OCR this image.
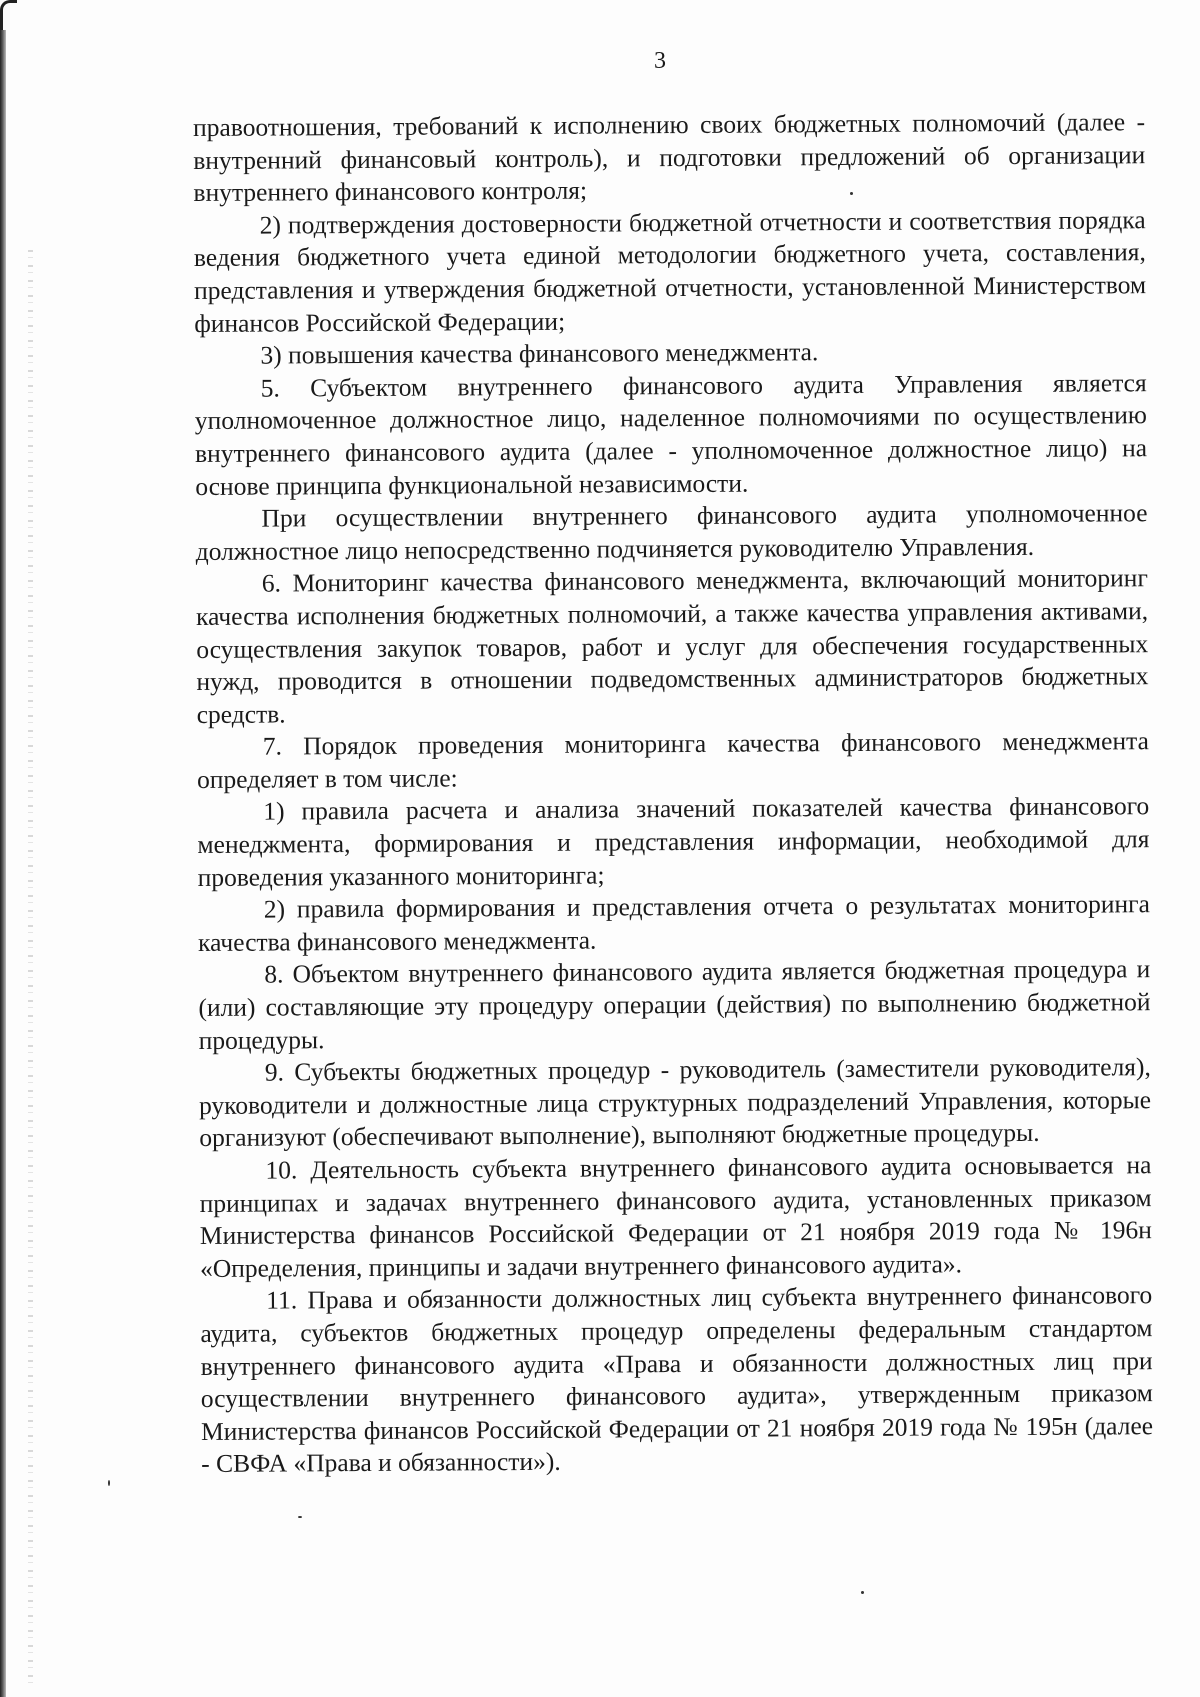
3

правоотношения, требований к исполнению своих бюджетных полномочий (далее - внутренний финансовый контроль), и подготовки предложений об организации внутреннего финансового контроля;

2) подтверждения достоверности бюджетной отчетности и соответствия порядка ведения бюджетного учета единой методологии бюджетного учета, составления, представления и утверждения бюджетной отчетности, установленной Министерством финансов Российской Федерации;

3) повышения качества финансового менеджмента.

5. Субъектом внутреннего финансового аудита Управления является уполномоченное должностное лицо, наделенное полномочиями по осуществлению внутреннего финансового аудита (далее - уполномоченное должностное лицо) на основе принципа функциональной независимости.

При осуществлении внутреннего финансового аудита уполномоченное должностное лицо непосредственно подчиняется руководителю Управления.

6. Мониторинг качества финансового менеджмента, включающий мониторинг качества исполнения бюджетных полномочий, а также качества управления активами, осуществления закупок товаров, работ и услуг для обеспечения государственных нужд, проводится в отношении подведомственных администраторов бюджетных средств.

7. Порядок проведения мониторинга качества финансового менеджмента определяет в том числе:

1) правила расчета и анализа значений показателей качества финансового менеджмента, формирования и представления информации, необходимой для проведения указанного мониторинга;

2) правила формирования и представления отчета о результатах мониторинга качества финансового менеджмента.

8. Объектом внутреннего финансового аудита является бюджетная процедура и (или) составляющие эту процедуру операции (действия) по выполнению бюджетной процедуры.

9. Субъекты бюджетных процедур - руководитель (заместители руководителя), руководители и должностные лица структурных подразделений Управления, которые организуют (обеспечивают выполнение), выполняют бюджетные процедуры.

10. Деятельность субъекта внутреннего финансового аудита основывается на принципах и задачах внутреннего финансового аудита, установленных приказом Министерства финансов Российской Федерации от 21 ноября 2019 года № 196н «Определения, принципы и задачи внутреннего финансового аудита».

11. Права и обязанности должностных лиц субъекта внутреннего финансового аудита, субъектов бюджетных процедур определены федеральным стандартом внутреннего финансового аудита «Права и обязанности должностных лиц при осуществлении внутреннего финансового аудита», утвержденным приказом Министерства финансов Российской Федерации от 21 ноября 2019 года № 195н (далее - СВФА «Права и обязанности»).
